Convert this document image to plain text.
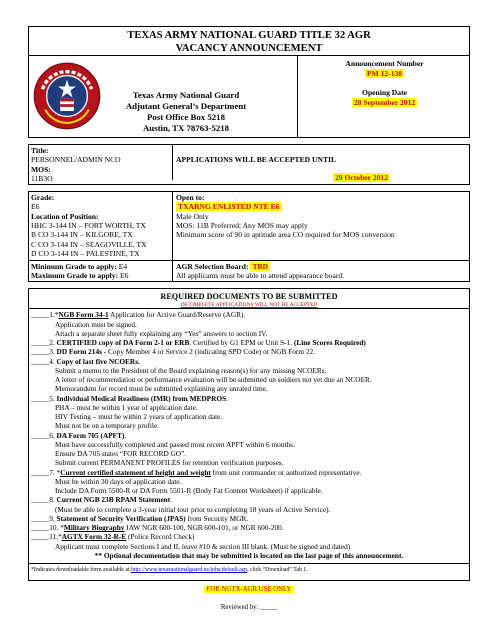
TEXAS ARMY NATIONAL GUARD TITLE 32 AGR
VACANCY ANNOUNCEMENT
Texas Army National Guard
Adjutant General’s Department
Post Office Box 5218
Austin, TX 78763-5218
Announcement Number
PM 12-138
Opening Date
28 September 2012
Title:
PERSONNEL/ADMIN NCO
MOS:
11B3O
APPLICATIONS WILL BE ACCEPTED UNTIL
29 October 2012
Grade:
E6
Location of Position:
HHC 3-144 IN – FORT WORTH, TX
B CO 3-144 IN – KILGORE, TX
C CO 3-144 IN – SEAGOVILLE, TX
D CO 3-144 IN – PALESTINE, TX
Open to:
TXARNG ENLISTED NTE E6
Male Only
MOS: 11B Preferred; Any MOS may apply
Minimum score of 90 in aptitude area CO required for MOS conversion
Minimum Grade to apply: E4
Maximum Grade to apply: E6
AGR Selection Board: TBD
All applicants must be able to attend appearance board.
REQUIRED DOCUMENTS TO BE SUBMITTED
INCOMPLETE APPLICATIONS WILL NOT BE ACCEPTED
_____1.*NGB Form 34-1 Application for Active Guard/Reserve (AGR).
Application must be signed.
Attach a separate sheet fully explaining any “Yes” answers to section IV.
_____2. CERTIFIED copy of DA Form 2-1 or ERB. Certified by G1 EPM or Unit S-1. (Line Scores Required)
_____3. DD Form 214s - Copy Member 4 or Service 2 (indicating SPD Code) or NGB Form 22.
_____4. Copy of last five NCOERs.
Submit a memo to the President of the Board explaining reason(s) for any missing NCOERs.
A letter of recommendation or performance evaluation will be submitted on soldiers not yet due an NCOER.
Memorandum for record must be submitted explaining any unrated time.
_____5. Individual Medical Readiness (IMR) from MEDPROS.
PHA – must be within 1 year of application date.
HIV Testing – must be within 2 years of application date.
Must not be on a temporary profile.
_____6. DA Form 705 (APFT).
Must have successfully completed and passed most recent APFT within 6 months.
Ensure DA 705 states “FOR RECORD GO”.
Submit current PERMANENT PROFILES for retention verification purposes.
_____7. *Current certified statement of height and weight from unit commander or authorized representative.
Must be within 30 days of application date.
Include DA Form 5500-R or DA Form 5501-R (Body Fat Content Worksheet) if applicable.
_____8. Current NGB 23B RPAM Statement.
(Must be able to complete a 3-year initial tour prior to completing 18 years of Active Service).
_____9. Statement of Security Verification (JPAS) from Security MGR.
_____10. *Military Biography IAW NGR 600-100, NGR 600-101, or NGR 600-200.
_____11.*AGTX Form 32-R-E (Police Record Check)
Applicant must complete Sections I and II, leave #10 & section III blank. (Must be signed and dated)
** Optional documentation that may be submitted is located on the last page of this announcement.
*Indicates downloadable form available at http://www.texasnationalguard.us/jobs/default.asp, click “Download” Tab 1.
FOR NGTX-AGR USE ONLY
Reviewed by: _____
